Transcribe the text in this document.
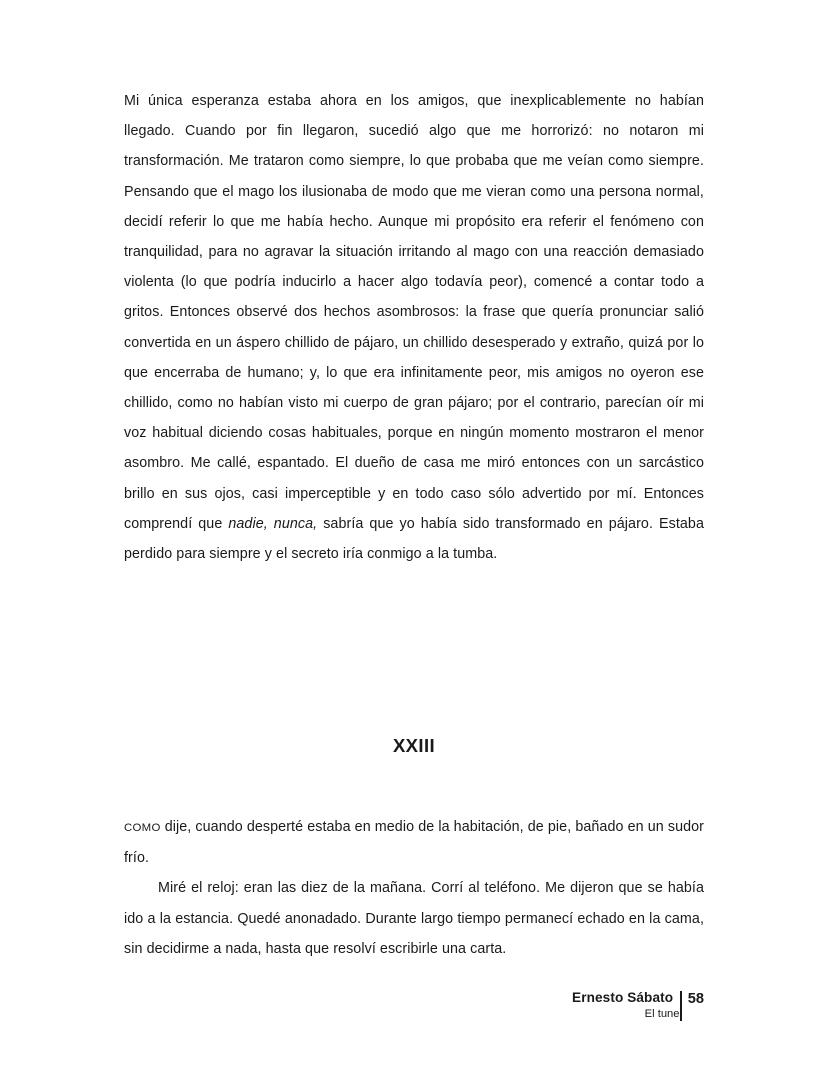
Mi única esperanza estaba ahora en los amigos, que inexplicablemente no habían llegado. Cuando por fin llegaron, sucedió algo que me horrorizó: no notaron mi transformación. Me trataron como siempre, lo que probaba que me veían como siempre. Pensando que el mago los ilusionaba de modo que me vieran como una persona normal, decidí referir lo que me había hecho. Aunque mi propósito era referir el fenómeno con tranquilidad, para no agravar la situación irritando al mago con una reacción demasiado violenta (lo que podría inducirlo a hacer algo todavía peor), comencé a contar todo a gritos. Entonces observé dos hechos asombrosos: la frase que quería pronunciar salió convertida en un áspero chillido de pájaro, un chillido desesperado y extraño, quizá por lo que encerraba de humano; y, lo que era infinitamente peor, mis amigos no oyeron ese chillido, como no habían visto mi cuerpo de gran pájaro; por el contrario, parecían oír mi voz habitual diciendo cosas habituales, porque en ningún momento mostraron el menor asombro. Me callé, espantado. El dueño de casa me miró entonces con un sarcástico brillo en sus ojos, casi imperceptible y en todo caso sólo advertido por mí. Entonces comprendí que nadie, nunca, sabría que yo había sido transformado en pájaro. Estaba perdido para siempre y el secreto iría conmigo a la tumba.

XXIII

COMO dije, cuando desperté estaba en medio de la habitación, de pie, bañado en un sudor frío.

Miré el reloj: eran las diez de la mañana. Corrí al teléfono. Me dijeron que se había ido a la estancia. Quedé anonadado. Durante largo tiempo permanecí echado en la cama, sin decidirme a nada, hasta que resolví escribirle una carta.

Ernesto Sábato 58
El tunel
